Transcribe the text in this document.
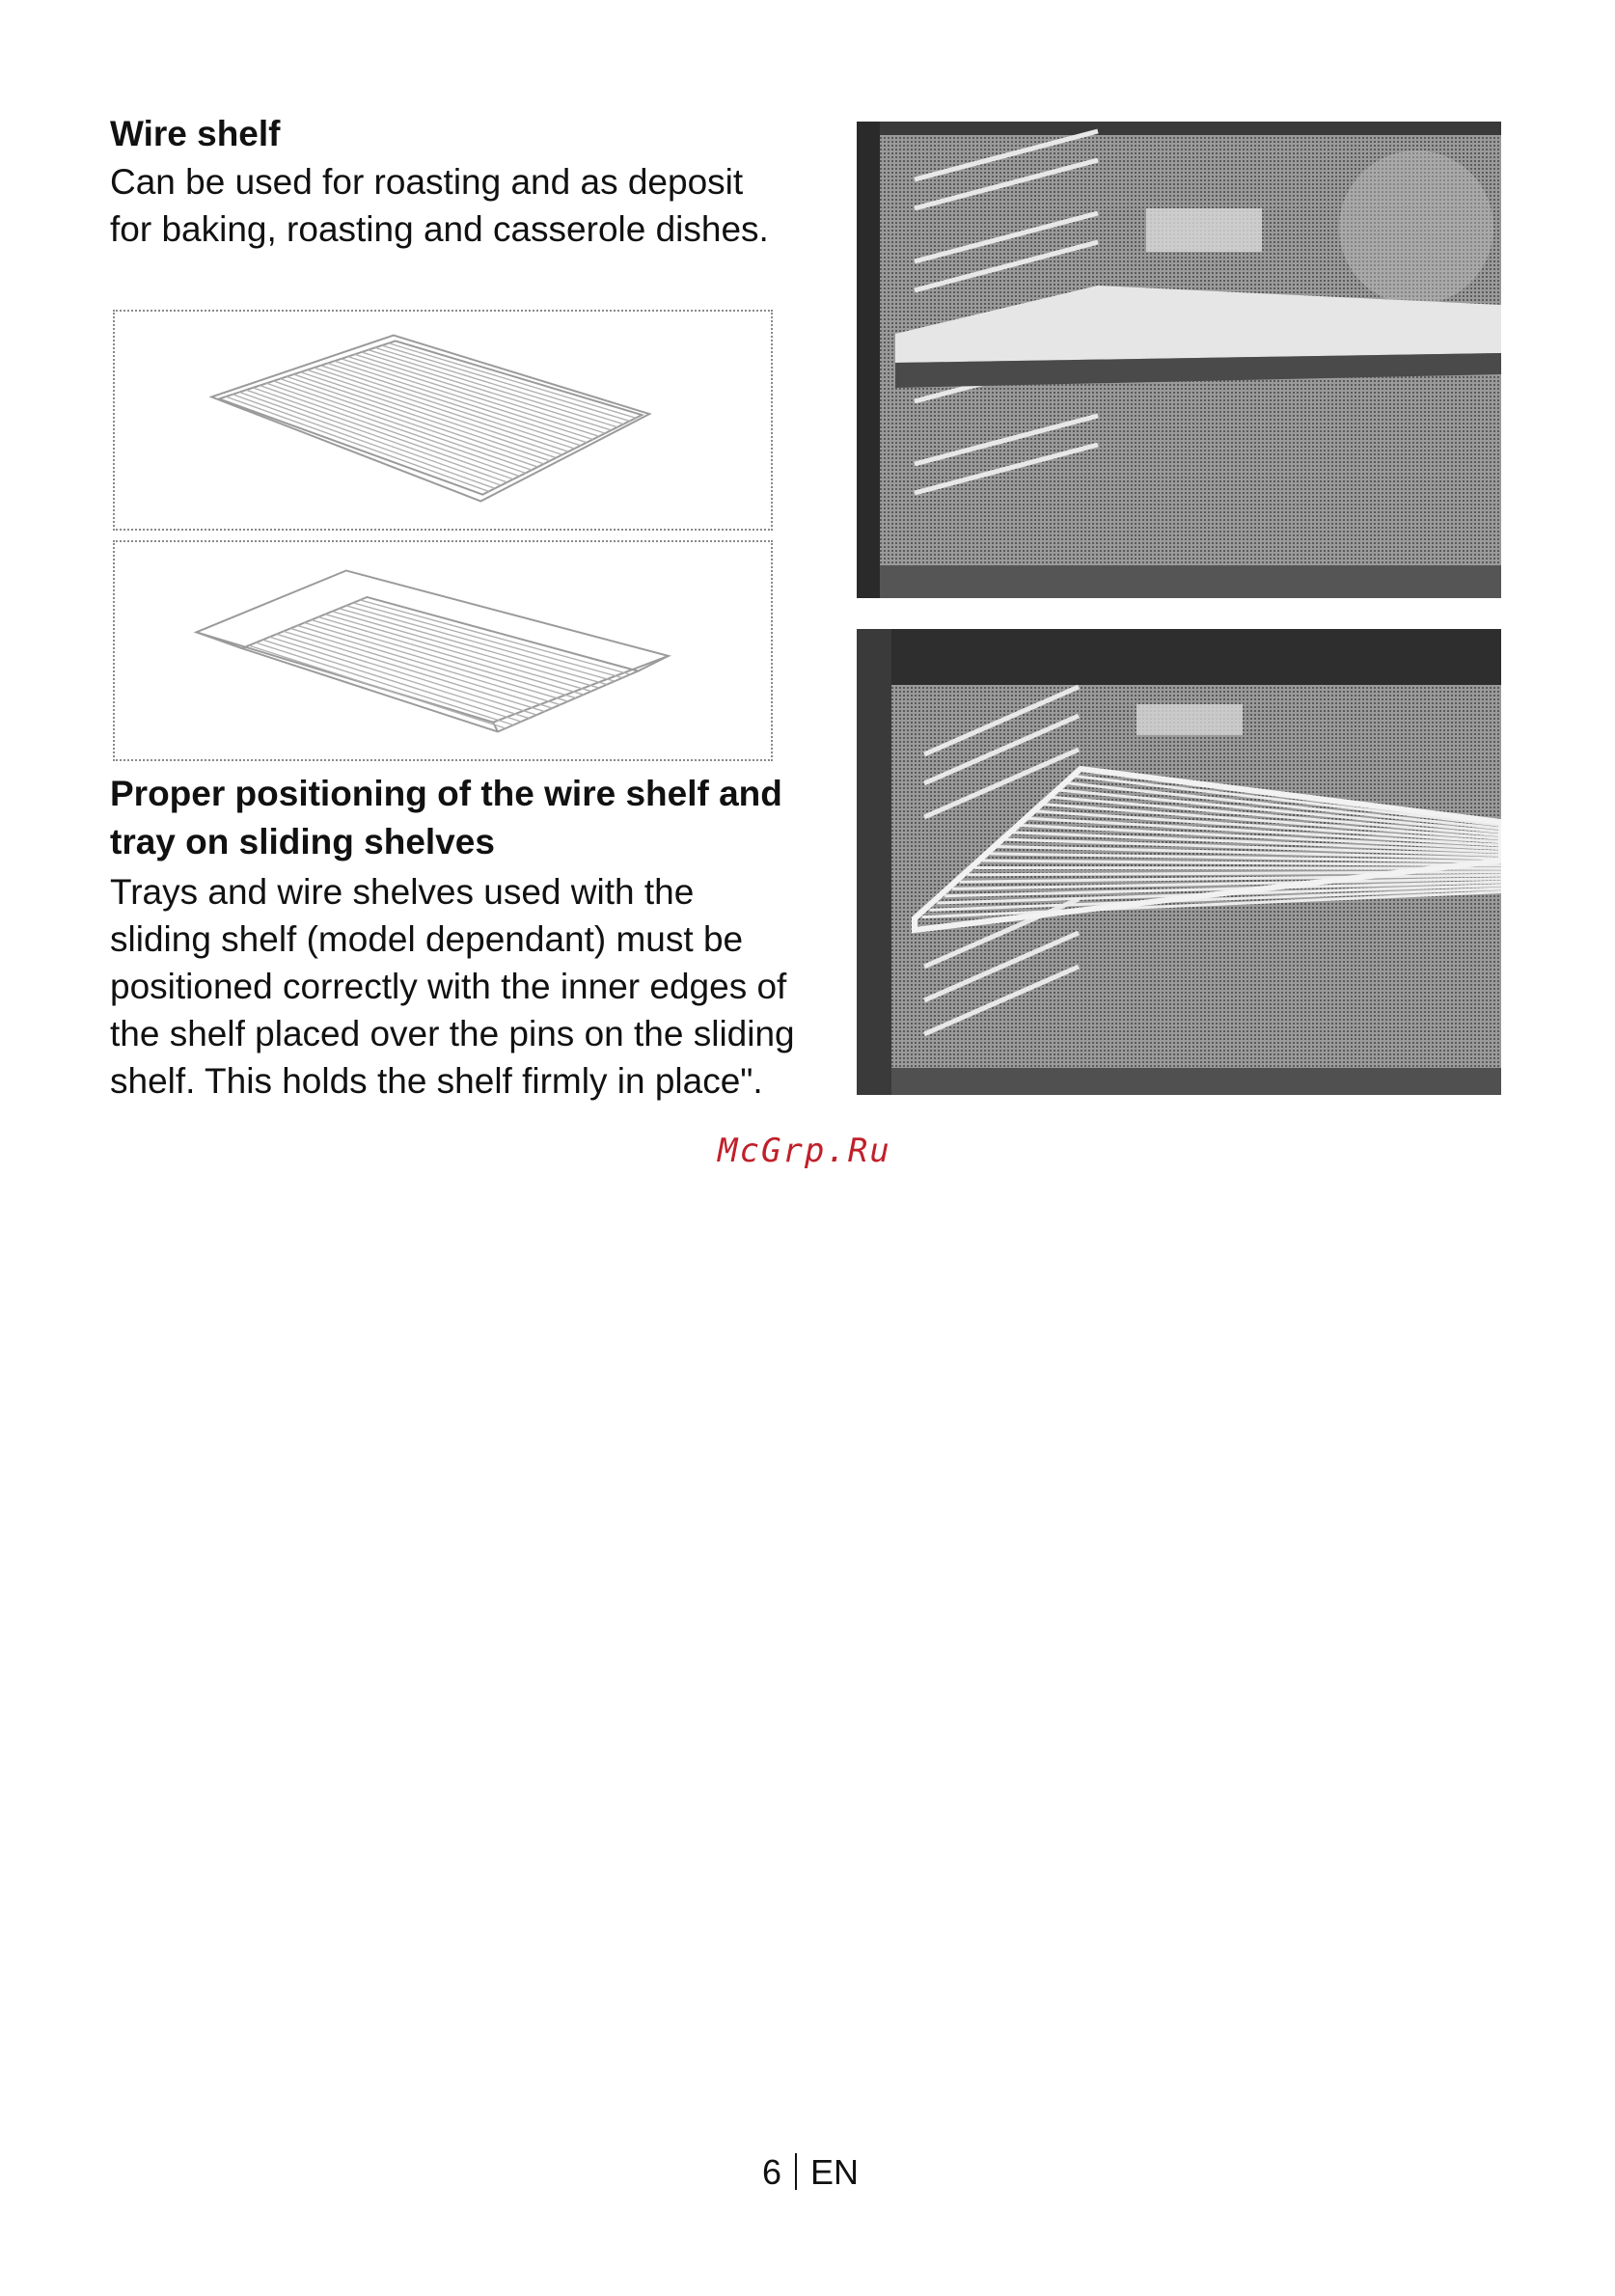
Wire shelf

Can be used for roasting and as deposit for baking, roasting and casserole dishes.

Proper positioning of the wire shelf and tray on sliding shelves

Trays and wire shelves used with the sliding shelf (model dependant) must be positioned correctly with the inner edges of the shelf placed over the pins on the sliding shelf. This holds the shelf firmly in place".

McGrp.Ru
6 EN
